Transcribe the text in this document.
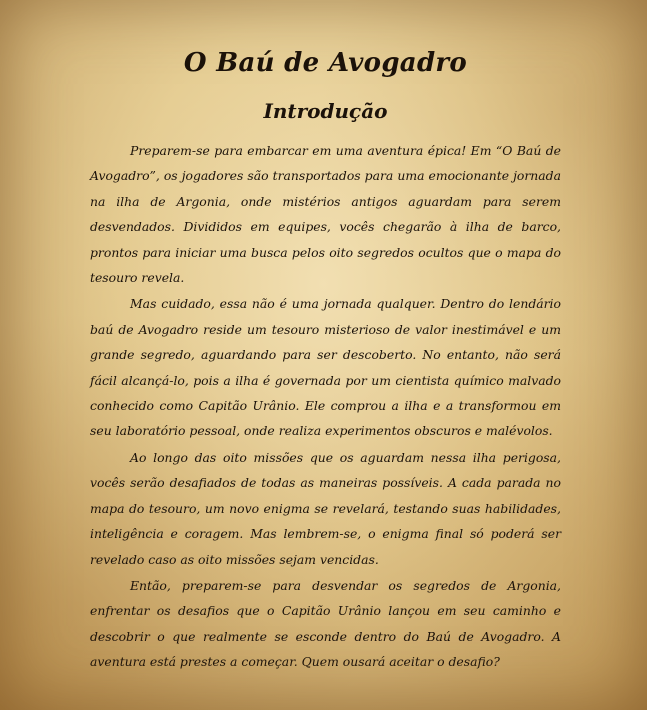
O Baú de Avogadro
Introdução

Preparem-se para embarcar em uma aventura épica! Em “O Baú de Avogadro”, os jogadores são transportados para uma emocionante jornada na ilha de Argonia, onde mistérios antigos aguardam para serem desvendados. Divididos em equipes, vocês chegarão à ilha de barco, prontos para iniciar uma busca pelos oito segredos ocultos que o mapa do tesouro revela.

Mas cuidado, essa não é uma jornada qualquer. Dentro do lendário baú de Avogadro reside um tesouro misterioso de valor inestimável e um grande segredo, aguardando para ser descoberto. No entanto, não será fácil alcançá-lo, pois a ilha é governada por um cientista químico malvado conhecido como Capitão Urânio. Ele comprou a ilha e a transformou em seu laboratório pessoal, onde realiza experimentos obscuros e malévolos.

Ao longo das oito missões que os aguardam nessa ilha perigosa, vocês serão desafiados de todas as maneiras possíveis. A cada parada no mapa do tesouro, um novo enigma se revelará, testando suas habilidades, inteligência e coragem. Mas lembrem-se, o enigma final só poderá ser revelado caso as oito missões sejam vencidas.

Então, preparem-se para desvendar os segredos de Argonia, enfrentar os desafios que o Capitão Urânio lançou em seu caminho e descobrir o que realmente se esconde dentro do Baú de Avogadro. A aventura está prestes a começar. Quem ousará aceitar o desafio?
